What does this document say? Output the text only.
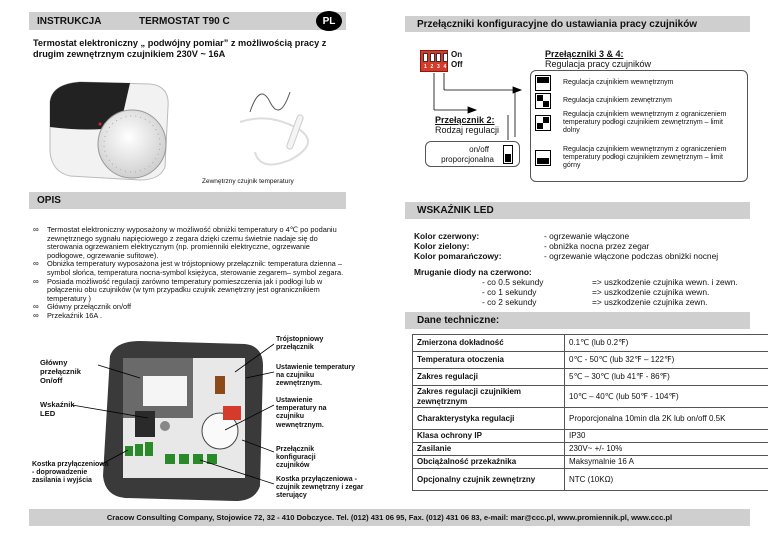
INSTRUKCJA	TERMOSTAT T90 C	PL
Termostat elektroniczny „ podwójny pomiar” z możliwością pracy z drugim zewnętrznym czujnikiem 230V ~ 16A
Zewnętrzny czujnik temperatury
OPIS
∞ Termostat elektroniczny wyposażony w możliwość obniżki temperatury o 4℃ po podaniu zewnętrznego sygnału napięciowego z zegara dzięki czemu świetnie nadaje się do sterowania ogrzewaniem elektrycznym (np. promienniki elektryczne, ogrzewanie podłogowe, ogrzewanie sufitowe).
∞ Obniżka temperatury wyposażona jest w trójstopniowy przełącznik: temperatura dzienna –symbol słońca, temperatura nocna-symbol księżyca, sterowanie zegarem– symbol zegara.
∞ Posiada możliwość regulacji zarówno temperatury pomieszczenia jak i podłogi lub w połączeniu obu czujników (w tym przypadku czujnik zewnętrzny jest ogranicznikiem temperatury )
∞ Główny przełącznik on/off
∞ Przekaźnik 16A .
Główny przełącznik On/off
Wskaźnik LED
Kostka przyłączeniowa - doprowadzenie zasilania i wyjścia
Trójstopniowy przełącznik
Ustawienie temperatury na czujniku zewnętrznym.
Ustawienie temperatury na czujniku wewnętrznym.
Przełącznik konfiguracji czujników
Kostka przyłączeniowa - czujnik zewnętrzny i zegar sterujący
Przełączniki konfiguracyjne do ustawiania pracy czujników
1 2 3 4
On
Off
Przełączniki 3 & 4:
Regulacja pracy czujników
Przełącznik 2:
Rodzaj regulacji
on/off
proporcjonalna
Regulacja czujnikiem wewnętrznym
Regulacja czujnikiem zewnętrznym
Regulacja czujnikiem wewnętrznym z ograniczeniem temperatury podłogi czujnikiem zewnętrznym – limit dolny
Regulacja czujnikiem wewnętrznym z ograniczeniem temperatury podłogi czujnikiem zewnętrznym – limit górny
WSKAŹNIK LED
Kolor czerwony:	- ogrzewanie włączone
Kolor zielony:	- obniżka nocna przez zegar
Kolor pomarańczowy:	- ogrzewanie włączone podczas obniżki nocnej
Mruganie diody na czerwono:
- co 0.5 sekundy	=> uszkodzenie czujnika wewn. i zewn.
- co 1 sekundy	=> uszkodzenie czujnika wewn.
- co 2 sekundy	=> uszkodzenie czujnika zewn.
Dane techniczne:
Zmierzona dokładność	0.1℃ (lub 0.2℉)
Temperatura otoczenia	0℃ - 50℃ (lub 32℉ – 122℉)
Zakres regulacji	5℃ – 30℃ (lub 41℉ - 86℉)
Zakres regulacji czujnikiem zewnętrznym	10℃ – 40℃ (lub 50℉ - 104℉)
Charakterystyka regulacji	Proporcjonalna 10min dla 2K lub on/off 0.5K
Klasa ochrony IP	IP30
Zasilanie	230V~ +/- 10%
Obciążalność przekaźnika	Maksymalnie 16 A
Opcjonalny czujnik zewnętrzny	NTC (10KΩ)
Cracow Consulting Company, Stojowice 72, 32 - 410 Dobczyce. Tel. (012) 431 06 95, Fax. (012) 431 06 83, e-mail: mar@ccc.pl, www.promiennik.pl, www.ccc.pl
